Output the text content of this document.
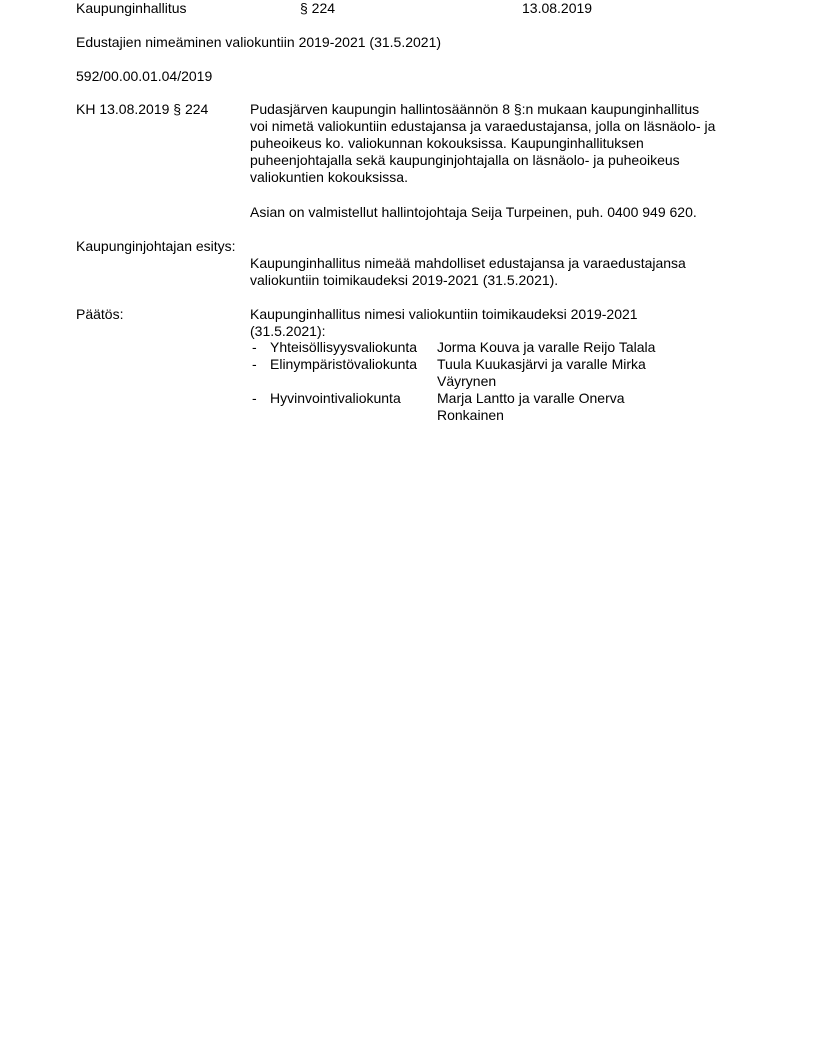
Kaupunginhallitus	§ 224	13.08.2019
Edustajien nimeäminen valiokuntiin 2019-2021 (31.5.2021)
592/00.00.01.04/2019
KH 13.08.2019 § 224	Pudasjärven kaupungin hallintosäännön 8 §:n mukaan kaupunginhallitus
voi nimetä valiokuntiin edustajansa ja varaedustajansa, jolla on läsnäolo- ja
puheoikeus ko. valiokunnan kokouksissa. Kaupunginhallituksen
puheenjohtajalla sekä kaupunginjohtajalla on läsnäolo- ja puheoikeus
valiokuntien kokouksissa.
Asian on valmistellut hallintojohtaja Seija Turpeinen, puh. 0400 949 620.
Kaupunginjohtajan esitys:
Kaupunginhallitus nimeää mahdolliset edustajansa ja varaedustajansa
valiokuntiin toimikaudeksi 2019-2021 (31.5.2021).
Päätös:	Kaupunginhallitus nimesi valiokuntiin toimikaudeksi 2019-2021
(31.5.2021):
- Yhteisöllisyysvaliokunta Jorma Kouva ja varalle Reijo Talala
- Elinympäristövaliokunta Tuula Kuukasjärvi ja varalle Mirka
Väyrynen
- Hyvinvointivaliokunta	Marja Lantto ja varalle Onerva
Ronkainen
